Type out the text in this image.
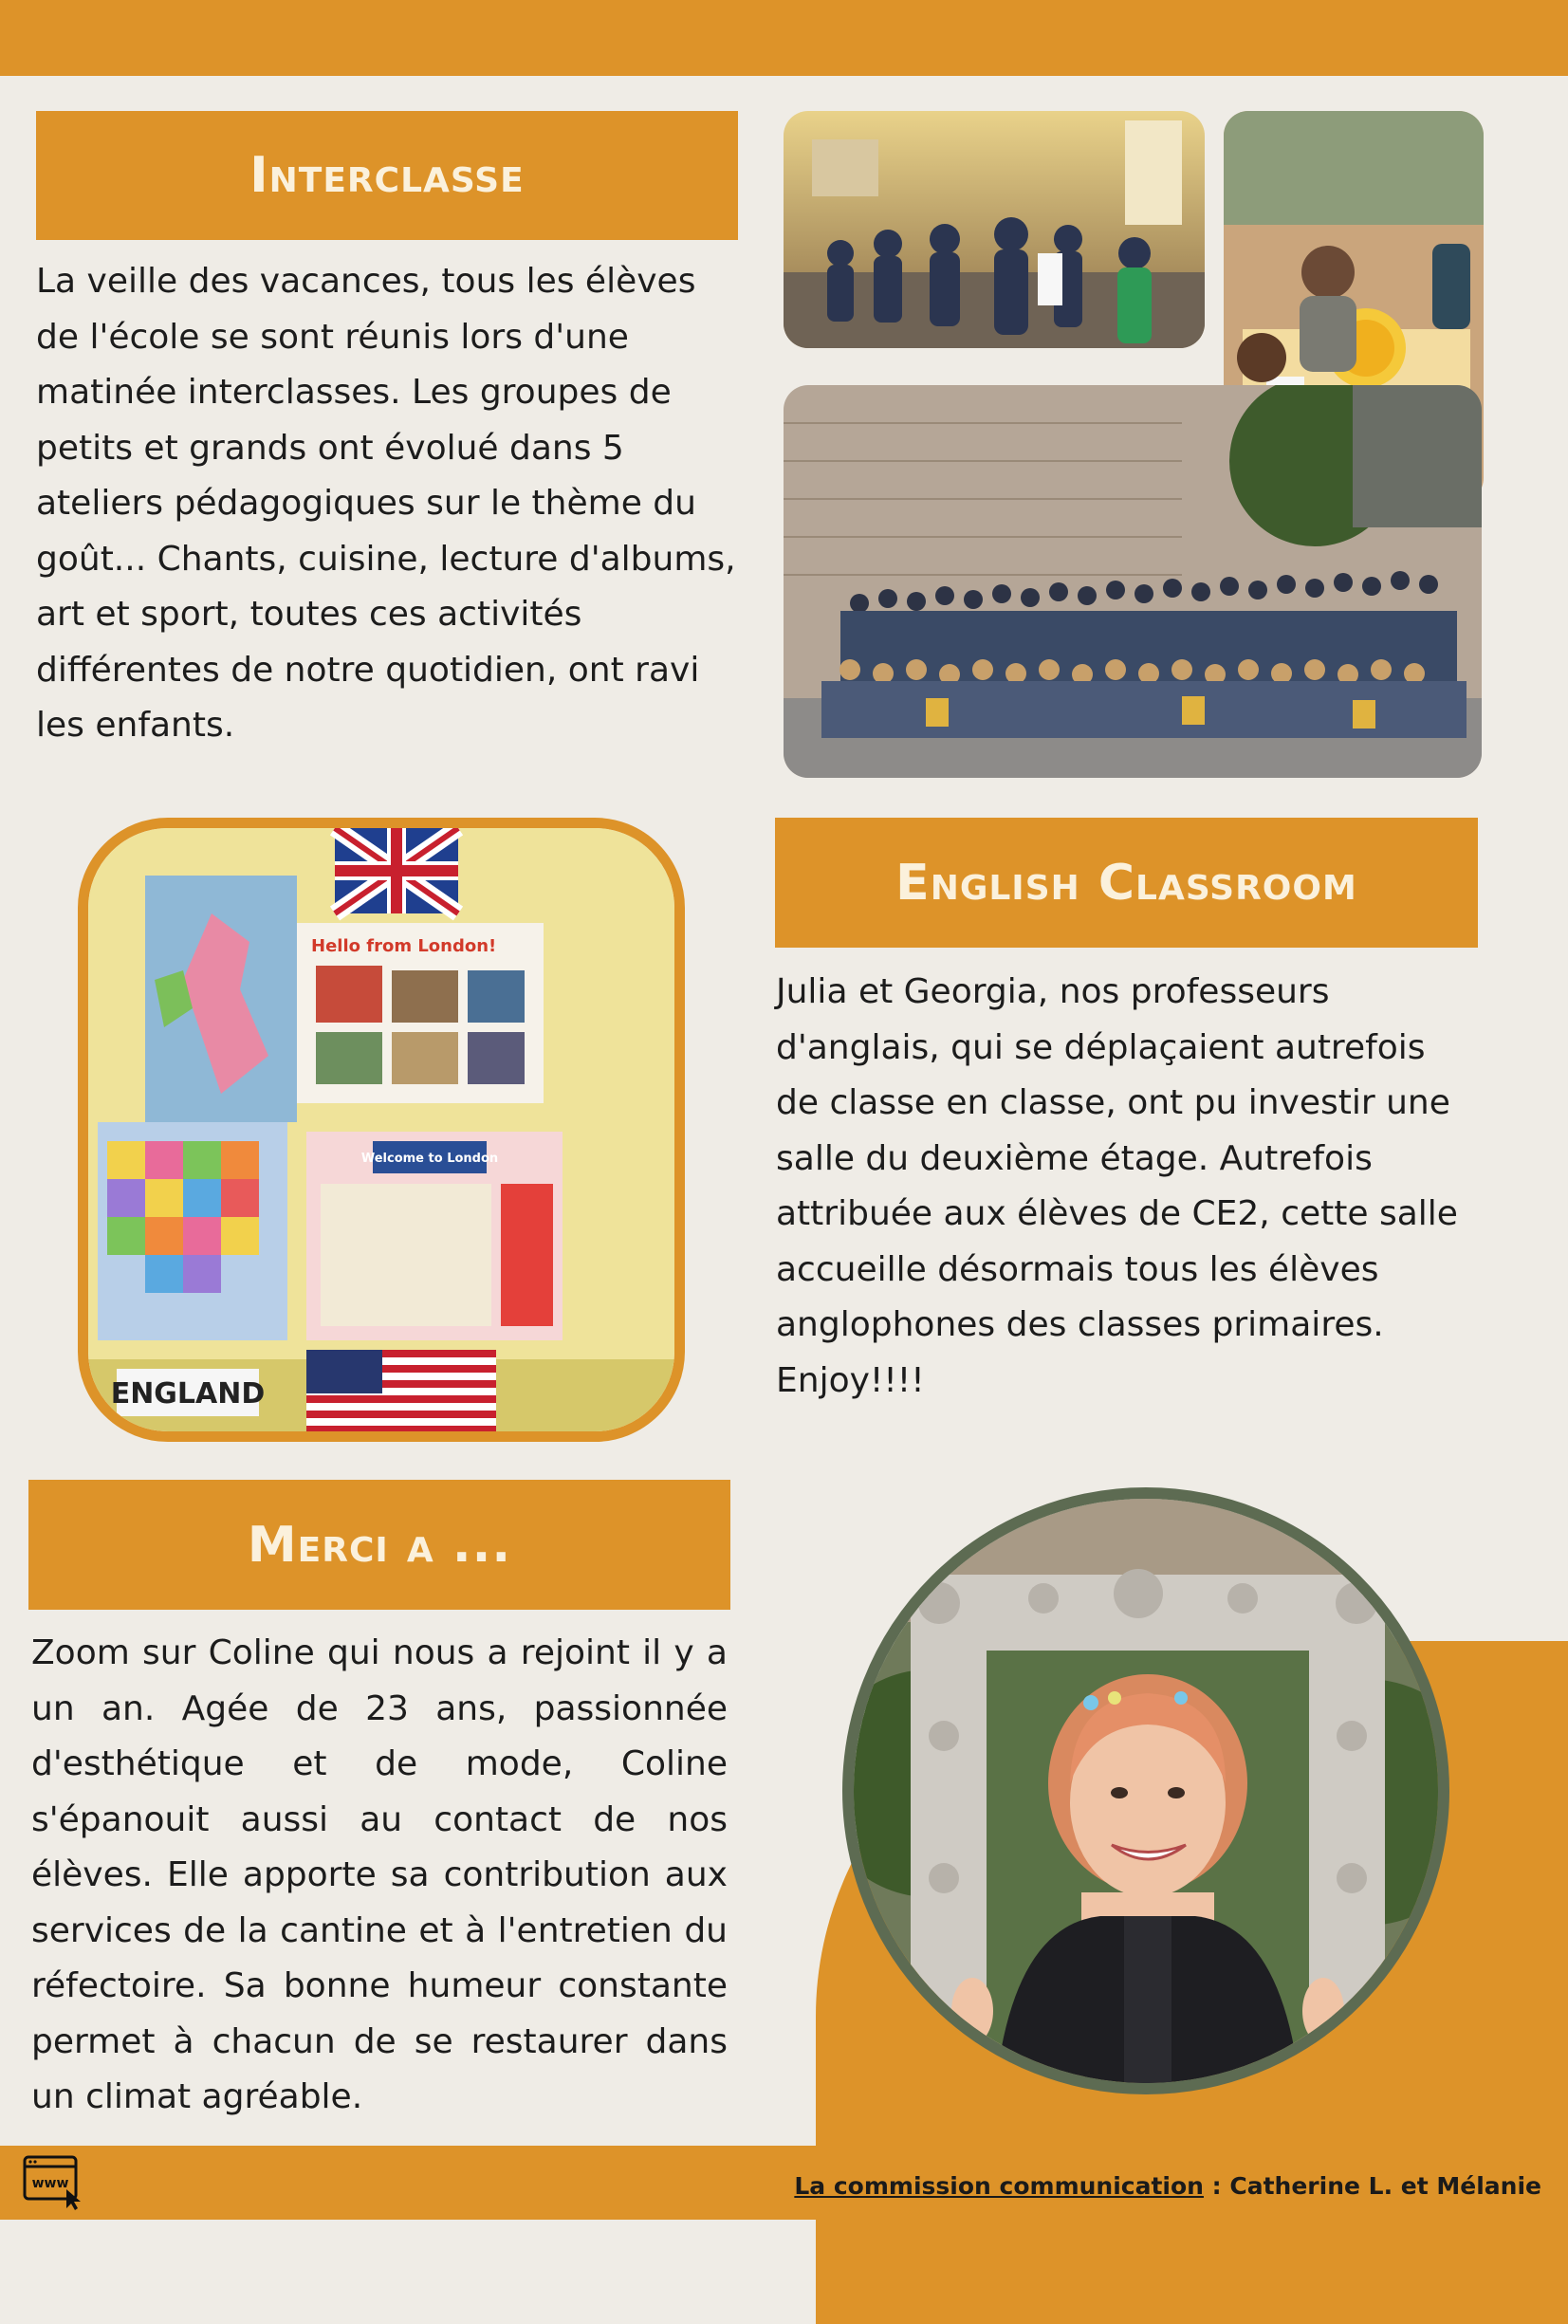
Interclasse

La veille des vacances, tous les élèves de l'école se sont réunis lors d'une matinée interclasses. Les groupes de petits et grands ont évolué dans 5 ateliers pédagogiques sur le thème du goût... Chants, cuisine, lecture d'albums, art et sport, toutes ces activités différentes de notre quotidien, ont ravi les enfants.

Hello from London!
Welcome to London
ENGLAND
English Classroom

Julia et Georgia, nos professeurs d'anglais, qui se déplaçaient autrefois de classe en classe, ont pu investir une salle du deuxième étage. Autrefois attribuée aux élèves de CE2, cette salle accueille désormais tous les élèves anglophones des classes primaires. Enjoy!!!!

Merci a ...

Zoom sur Coline qui nous a rejoint il y a un an. Agée de 23 ans, passionnée d'esthétique et de mode, Coline s'épanouit aussi au contact de nos élèves. Elle apporte sa contribution aux services de la cantine et à l'entretien du réfectoire. Sa bonne humeur constante permet à chacun de se restaurer dans un climat agréable.

www	La commission communication : Catherine L. et Mélanie
